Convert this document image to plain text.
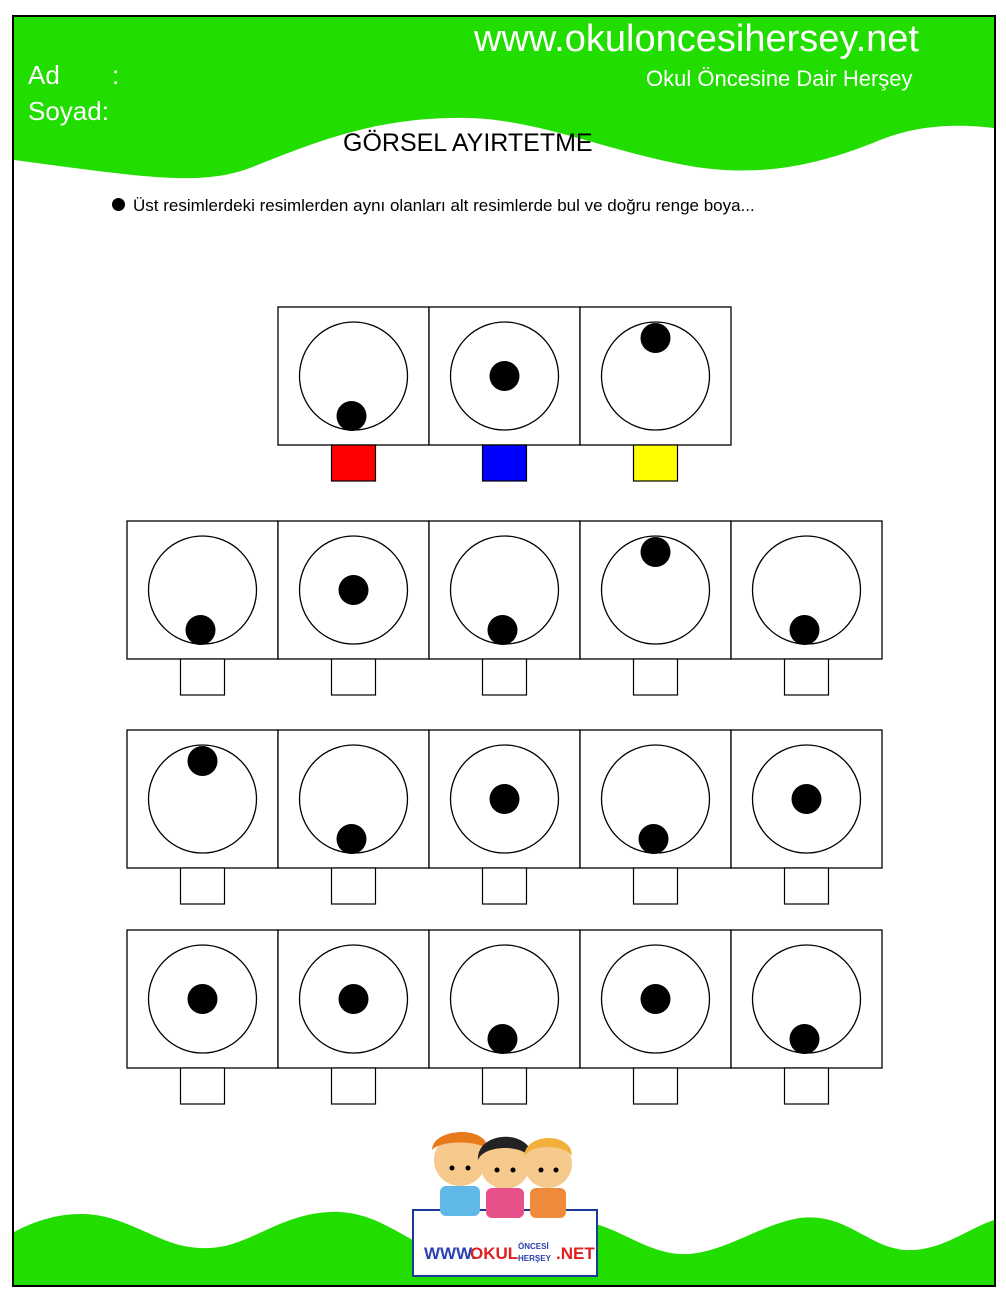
WWW.
OKUL ÖNCESİ
HERŞEY .NET
www.okuloncesihersey.net
Okul Öncesine Dair Herşey
Ad :
Soyad:
GÖRSEL AYIRTETME
Üst resimlerdeki resimlerden aynı olanları alt resimlerde bul ve doğru renge boya...
